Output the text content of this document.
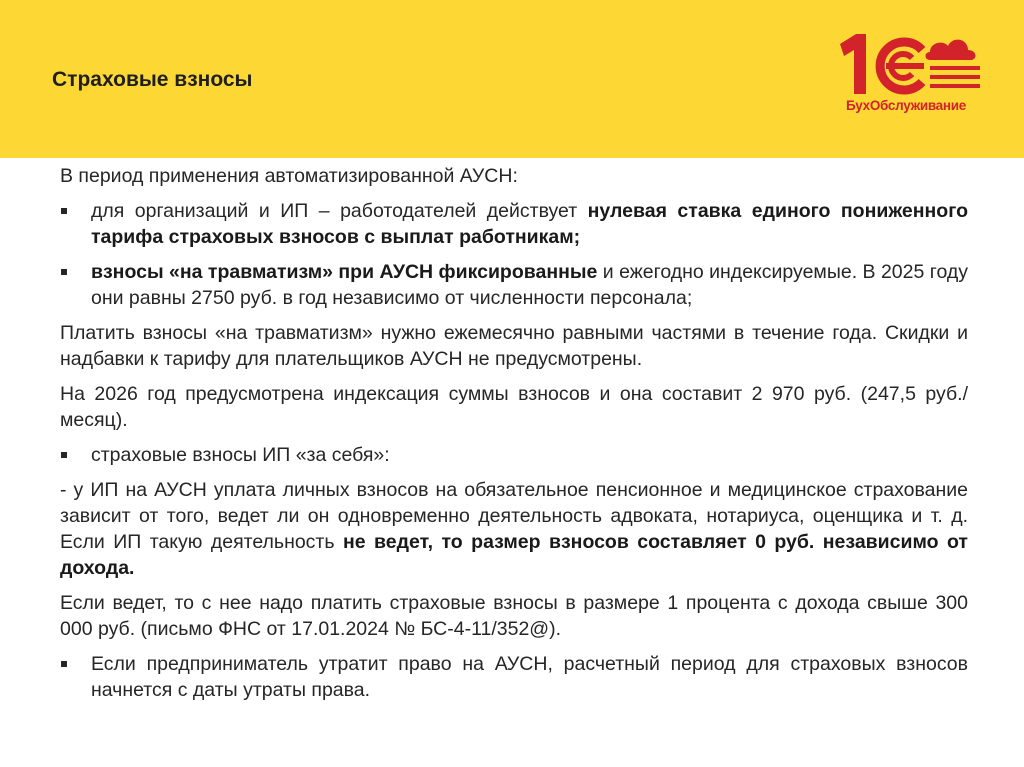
Страховые взносы
БухОбслуживание
В период применения автоматизированной АУСН:
для организаций и ИП – работодателей действует нулевая ставка единого пониженного тарифа страховых взносов с выплат работникам;
взносы «на травматизм» при АУСН фиксированные и ежегодно индексируемые. В 2025 году они равны 2750 руб. в год независимо от численности персонала;
Платить взносы «на травматизм» нужно ежемесячно равными частями в течение года. Скидки и надбавки к тарифу для плательщиков АУСН не предусмотрены.
На 2026 год предусмотрена индексация суммы взносов и она составит 2 970 руб. (247,5 руб./месяц).
страховые взносы ИП «за себя»:
- у ИП на АУСН уплата личных взносов на обязательное пенсионное и медицинское страхование зависит от того, ведет ли он одновременно деятельность адвоката, нотариуса, оценщика и т. д. Если ИП такую деятельность не ведет, то размер взносов составляет 0 руб. независимо от дохода.
Если ведет, то с нее надо платить страховые взносы в размере 1 процента с дохода свыше 300 000 руб. (письмо ФНС от 17.01.2024 № БС-4-11/352@).
Если предприниматель утратит право на АУСН, расчетный период для страховых взносов начнется с даты утраты права.
